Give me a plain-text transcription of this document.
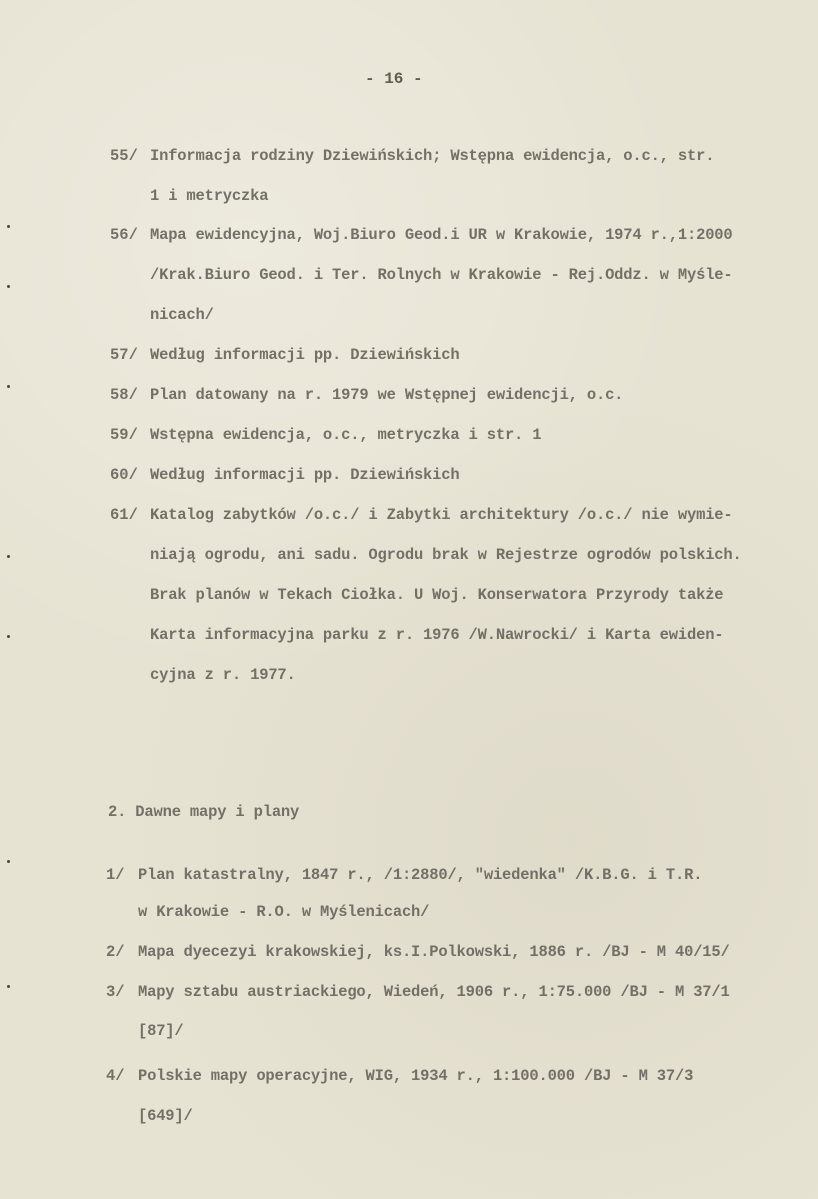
- 16 -
55/ Informacja rodziny Dziewińskich; Wstępna ewidencja, o.c., str.
1 i metryczka
56/ Mapa ewidencyjna, Woj.Biuro Geod.i UR w Krakowie, 1974 r.,1:2000
/Krak.Biuro Geod. i Ter. Rolnych w Krakowie - Rej.Oddz. w Myśle-
nicach/
57/ Według informacji pp. Dziewińskich
58/ Plan datowany na r. 1979 we Wstępnej ewidencji, o.c.
59/ Wstępna ewidencja, o.c., metryczka i str. 1
60/ Według informacji pp. Dziewińskich
61/ Katalog zabytków /o.c./ i Zabytki architektury /o.c./ nie wymie-
niają ogrodu, ani sadu. Ogrodu brak w Rejestrze ogrodów polskich.
Brak planów w Tekach Ciołka. U Woj. Konserwatora Przyrody także
Karta informacyjna parku z r. 1976 /W.Nawrocki/ i Karta ewiden-
cyjna z r. 1977.
2. Dawne mapy i plany
1/ Plan katastralny, 1847 r., /1:2880/, "wiedenka" /K.B.G. i T.R.
w Krakowie - R.O. w Myślenicach/
2/ Mapa dyecezyi krakowskiej, ks.I.Polkowski, 1886 r. /BJ - M 40/15/
3/ Mapy sztabu austriackiego, Wiedeń, 1906 r., 1:75.000 /BJ - M 37/1
[87]/
4/ Polskie mapy operacyjne, WIG, 1934 r., 1:100.000 /BJ - M 37/3
[649]/
